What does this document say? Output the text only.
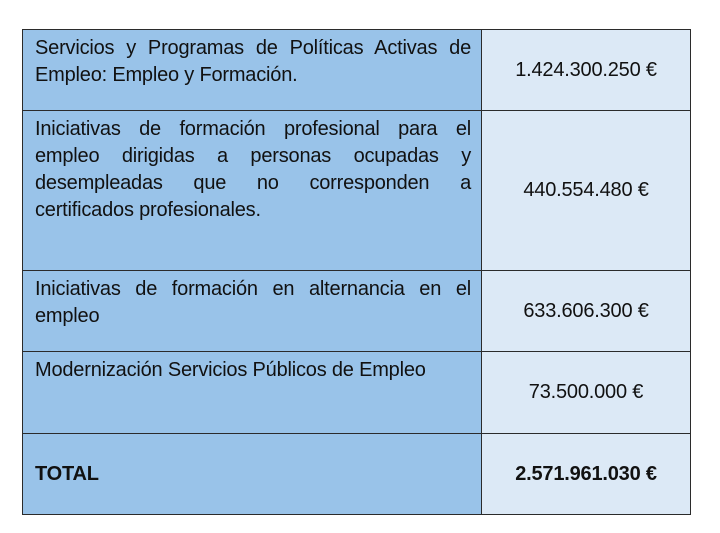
Servicios y Programas de Políticas Activas de Empleo: Empleo y Formación.	1.424.300.250 €

Iniciativas de formación profesional para el empleo dirigidas a personas ocupadas y desempleadas que no corresponden a certificados profesionales.	440.554.480 €

Iniciativas de formación en alternancia en el empleo	633.606.300 €

Modernización Servicios Públicos de Empleo	73.500.000 €

TOTAL	2.571.961.030 €
